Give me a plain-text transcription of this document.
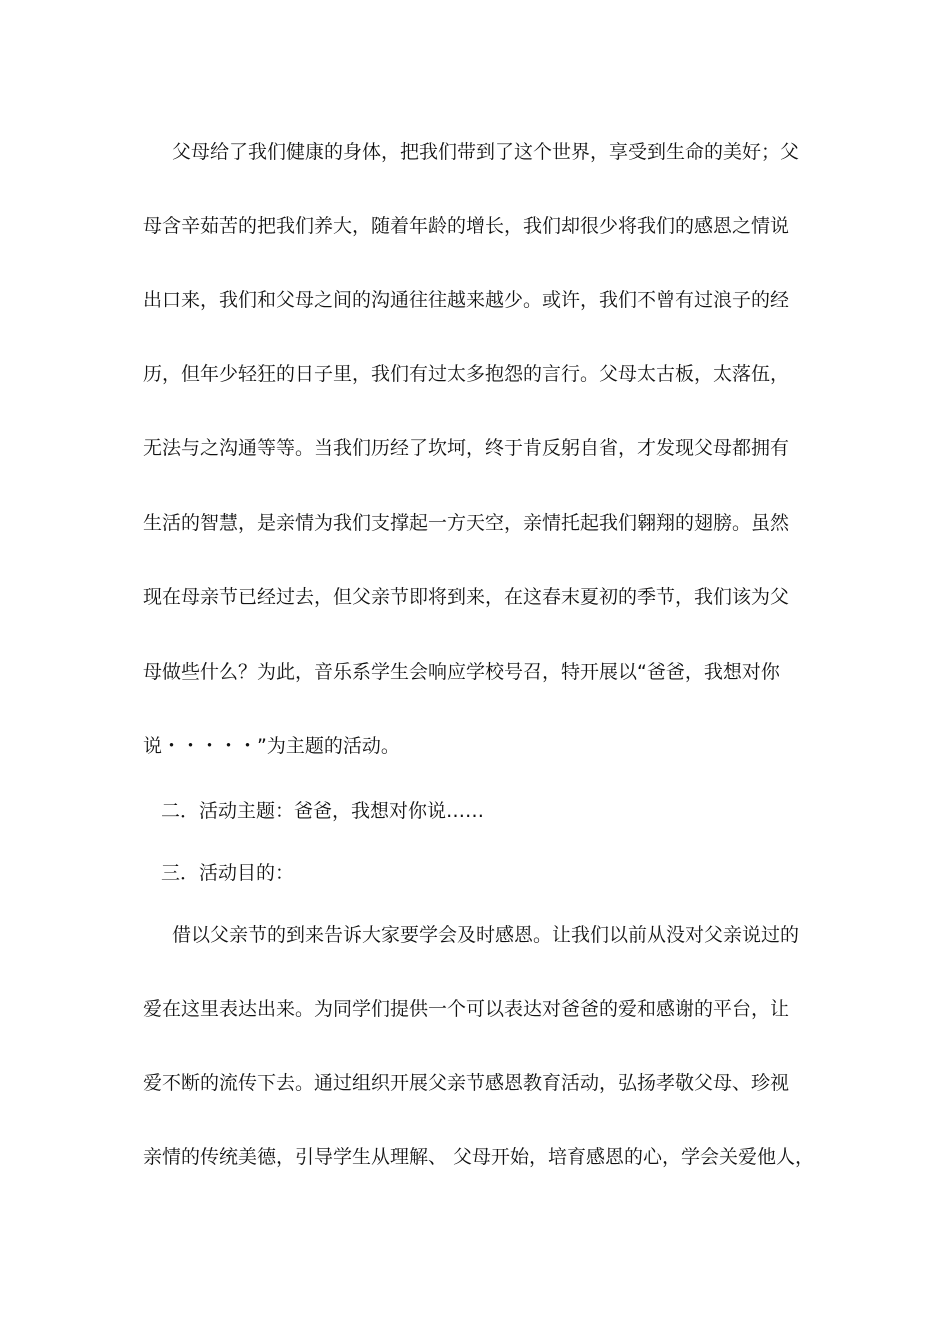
父母给了我们健康的身体，把我们带到了这个世界，享受到生命的美好；父
母含辛茹苦的把我们养大，随着年龄的增长，我们却很少将我们的感恩之情说
出口来，我们和父母之间的沟通往往越来越少。或许，我们不曾有过浪子的经
历，但年少轻狂的日子里，我们有过太多抱怨的言行。父母太古板，太落伍，
无法与之沟通等等。当我们历经了坎坷，终于肯反躬自省，才发现父母都拥有
生活的智慧，是亲情为我们支撑起一方天空，亲情托起我们翱翔的翅膀。虽然
现在母亲节已经过去，但父亲节即将到来，在这春末夏初的季节，我们该为父
母做些什么？为此，音乐系学生会响应学校号召，特开展以“爸爸，我想对你
说・・・・・”为主题的活动。
二．活动主题：爸爸，我想对你说……
三．活动目的：
借以父亲节的到来告诉大家要学会及时感恩。让我们以前从没对父亲说过的
爱在这里表达出来。为同学们提供一个可以表达对爸爸的爱和感谢的平台，让
爱不断的流传下去。通过组织开展父亲节感恩教育活动，弘扬孝敬父母、珍视
亲情的传统美德，引导学生从理解、 父母开始，培育感恩的心，学会关爱他人，
